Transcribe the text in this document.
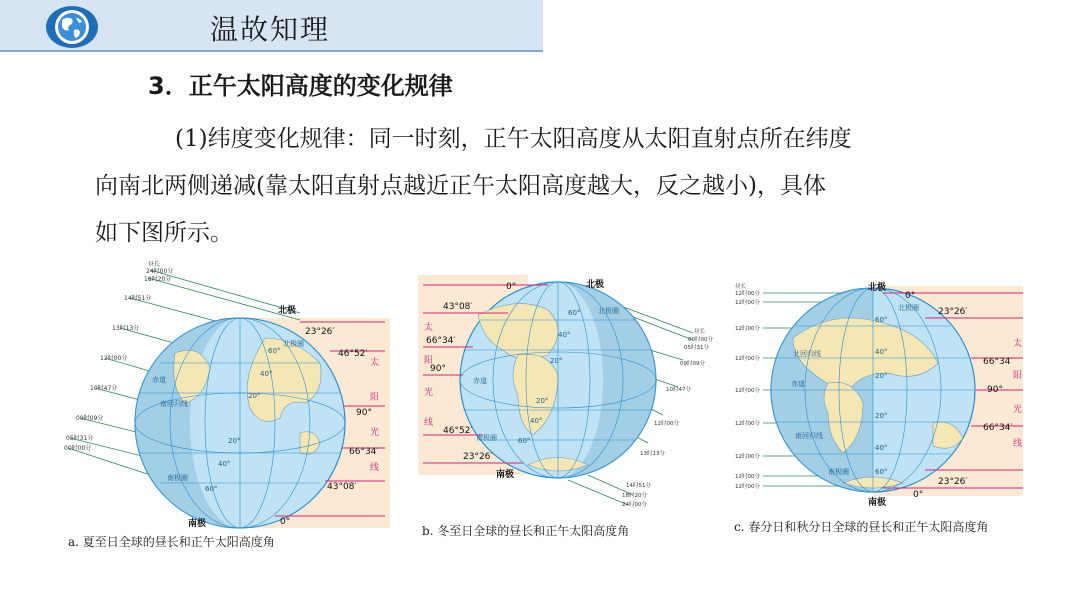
温故知理
3．正午太阳高度的变化规律
(1)纬度变化规律：同一时刻，正午太阳高度从太阳直射点所在纬度
向南北两侧递减(靠太阳直射点越近正午太阳高度越大，反之越小)，具体
如下图所示。
昼长
24时00分
18时20分
14时51分
13时13分
12时00分
10时47分
09时09分
05时31分
00时00分
北极
南极
23°26′
46°52′
90°
66°34′
43°08′
0°
太
阳
光
线
60°
40°
20°
20°
40°
60°
北极圈
赤道
南回归线
南极圈
a. 夏至日全球的昼长和正午太阳高度角
昼长
00时00分
05时31分
09时09分
10时47分
12时00分
13时13分
14时51分
18时20分
24时00分
北极
南极
0°
43°08′
66°34′
90°
46°52′
23°26′
太
阳
光
线
60°
40°
20°
20°
40°
60°
北极圈
赤道
南极圈
b. 冬至日全球的昼长和正午太阳高度角
昼长
12时00分
12时00分
12时00分
12时00分
12时00分
12时00分
12时00分
12时00分
12时00分
北极
南极
0°
23°26′
66°34′
90°
66°34′
23°26′
0°
太
阳
光
线
60°
40°
20°
20°
40°
60°
北极圈
北回归线
赤道
南回归线
南极圈
c. 春分日和秋分日全球的昼长和正午太阳高度角
